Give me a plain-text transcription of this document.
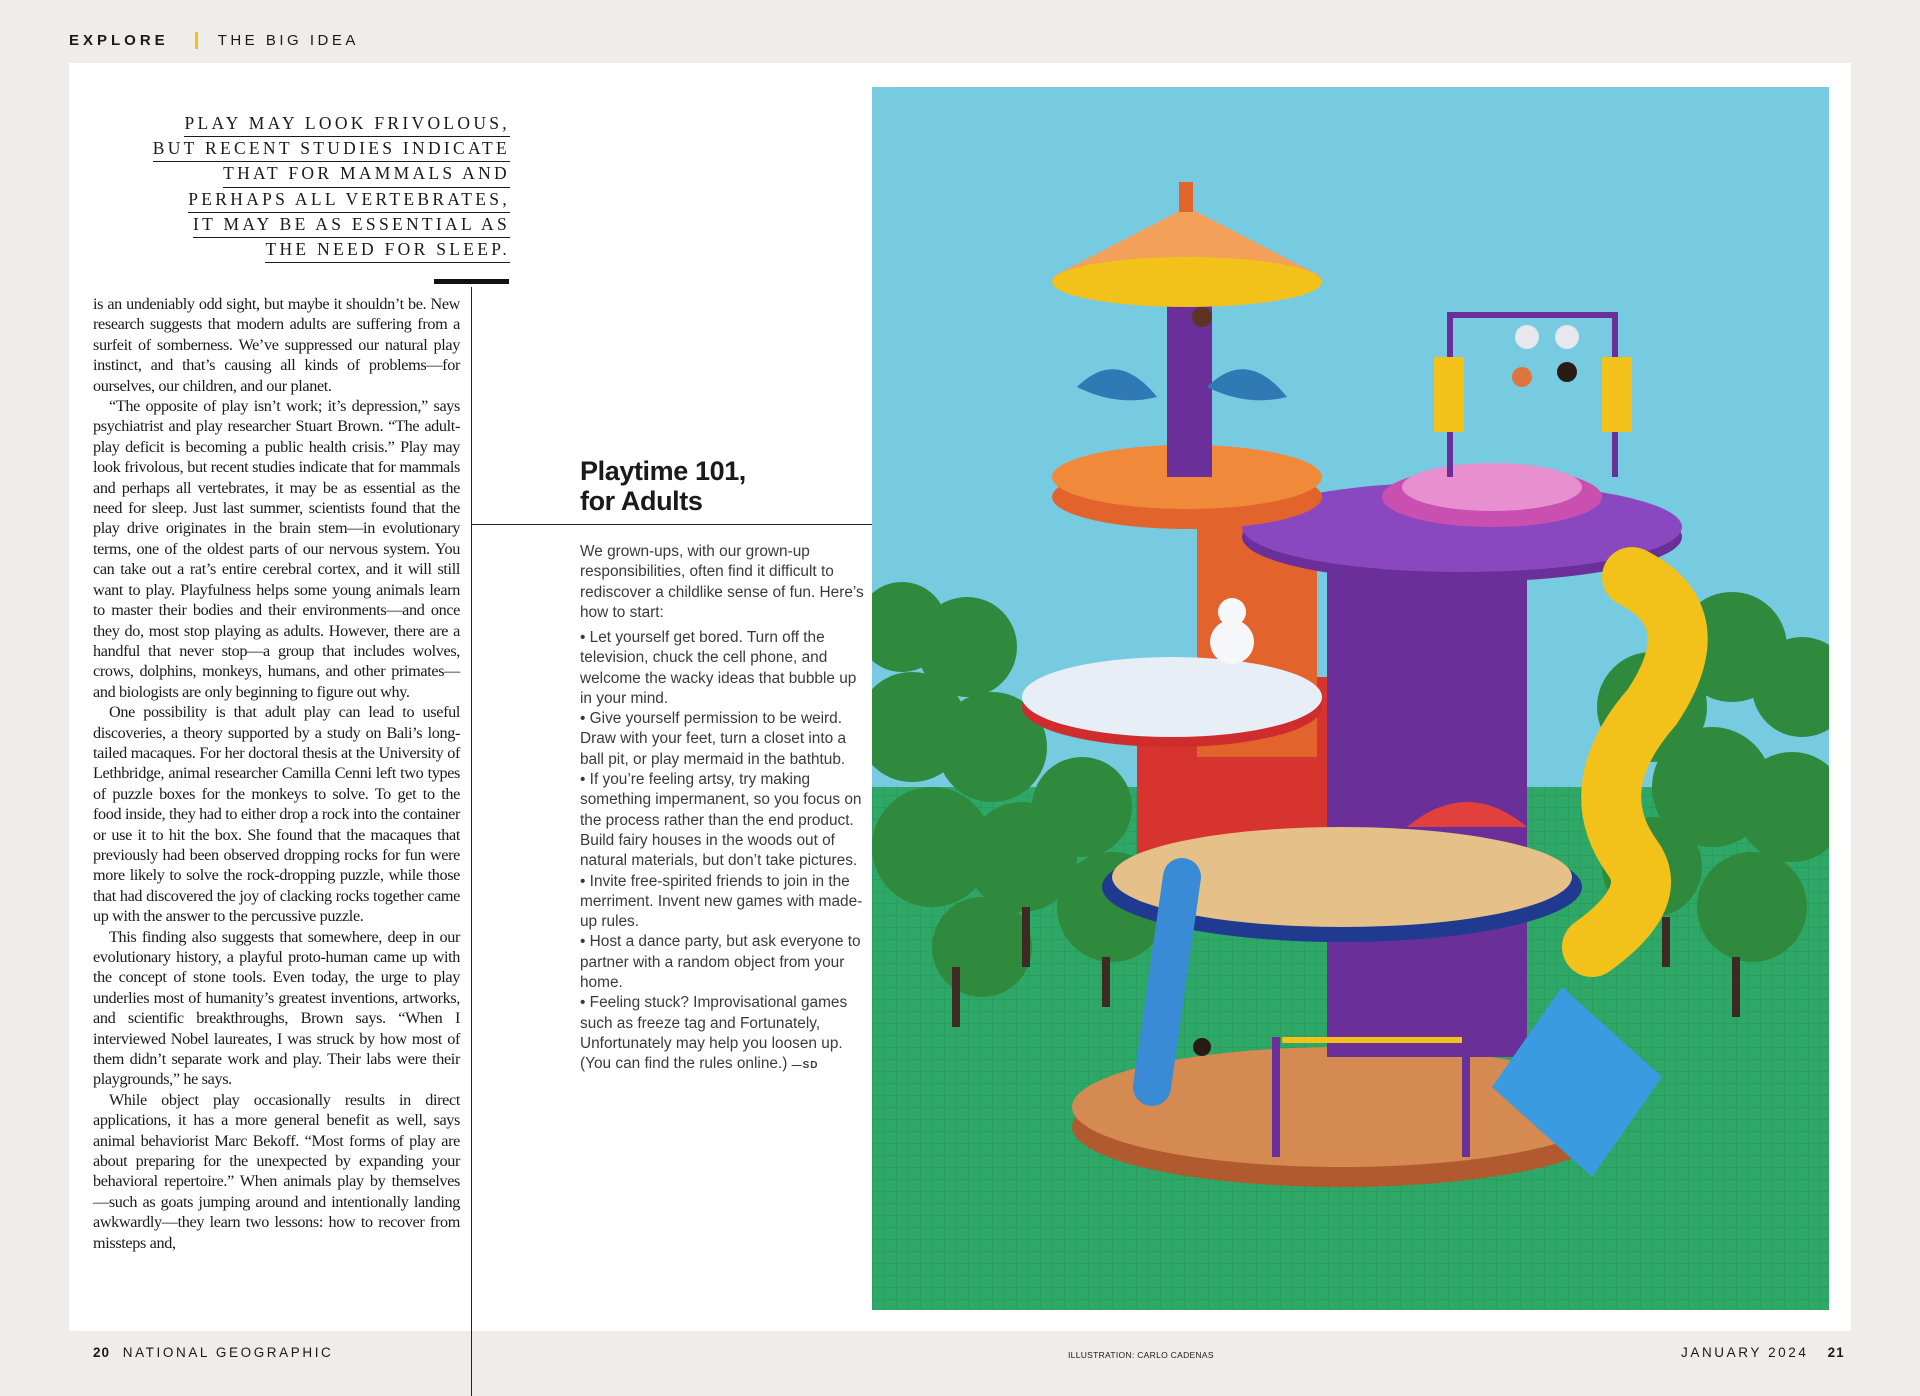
EXPLORE	THE BIG IDEA
PLAY MAY LOOK FRIVOLOUS,
BUT RECENT STUDIES INDICATE
THAT FOR MAMMALS AND
PERHAPS ALL VERTEBRATES,
IT MAY BE AS ESSENTIAL AS
THE NEED FOR SLEEP.

is an undeniably odd sight, but maybe it shouldn’t be. New research suggests that modern adults are suffering from a surfeit of somberness. We’ve suppressed our natural play instinct, and that’s causing all kinds of problems—for ourselves, our children, and our planet.

“The opposite of play isn’t work; it’s depression,” says psychiatrist and play researcher Stuart Brown. “The adult-play deficit is becoming a public health crisis.” Play may look frivolous, but recent studies indicate that for mammals and perhaps all vertebrates, it may be as essential as the need for sleep. Just last summer, scientists found that the play drive originates in the brain stem—in evolutionary terms, one of the oldest parts of our nervous system. You can take out a rat’s entire cerebral cortex, and it will still want to play. Playfulness helps some young animals learn to master their bodies and their environments—and once they do, most stop playing as adults. However, there are a handful that never stop—a group that includes wolves, crows, dolphins, monkeys, humans, and other primates—and biologists are only beginning to figure out why.

One possibility is that adult play can lead to useful discoveries, a theory supported by a study on Bali’s long-tailed macaques. For her doctoral thesis at the University of Lethbridge, animal researcher Camilla Cenni left two types of puzzle boxes for the monkeys to solve. To get to the food inside, they had to either drop a rock into the container or use it to hit the box. She found that the macaques that previously had been observed dropping rocks for fun were more likely to solve the rock-dropping puzzle, while those that had discovered the joy of clacking rocks together came up with the answer to the percussive puzzle.

This finding also suggests that somewhere, deep in our evolutionary history, a playful proto-human came up with the concept of stone tools. Even today, the urge to play underlies most of humanity’s greatest inventions, artworks, and scientific breakthroughs, Brown says. “When I interviewed Nobel laureates, I was struck by how most of them didn’t separate work and play. Their labs were their playgrounds,” he says.

While object play occasionally results in direct applications, it has a more general benefit as well, says animal behaviorist Marc Bekoff. “Most forms of play are about preparing for the unexpected by expanding your behavioral repertoire.” When animals play by themselves—such as goats jumping around and intentionally landing awkwardly—they learn two lessons: how to recover from missteps and,

Playtime 101,
for Adults
We grown-ups, with our grown-up responsibilities, often find it difficult to rediscover a childlike sense of fun. Here’s how to start:
• Let yourself get bored. Turn off the television, chuck the cell phone, and welcome the wacky ideas that bubble up in your mind.
• Give yourself permission to be weird. Draw with your feet, turn a closet into a ball pit, or play mermaid in the bathtub.
• If you’re feeling artsy, try making something impermanent, so you focus on the process rather than the end product. Build fairy houses in the woods out of natural materials, but don’t take pictures.
• Invite free-spirited friends to join in the merriment. Invent new games with made-up rules.
• Host a dance party, but ask everyone to partner with a random object from your home.
• Feeling stuck? Improvisational games such as freeze tag and Fortunately, Unfortunately may help you loosen up. (You can find the rules online.) —SD
20 NATIONAL GEOGRAPHIC	ILLUSTRATION: CARLO CADENAS	JANUARY 2024 21
